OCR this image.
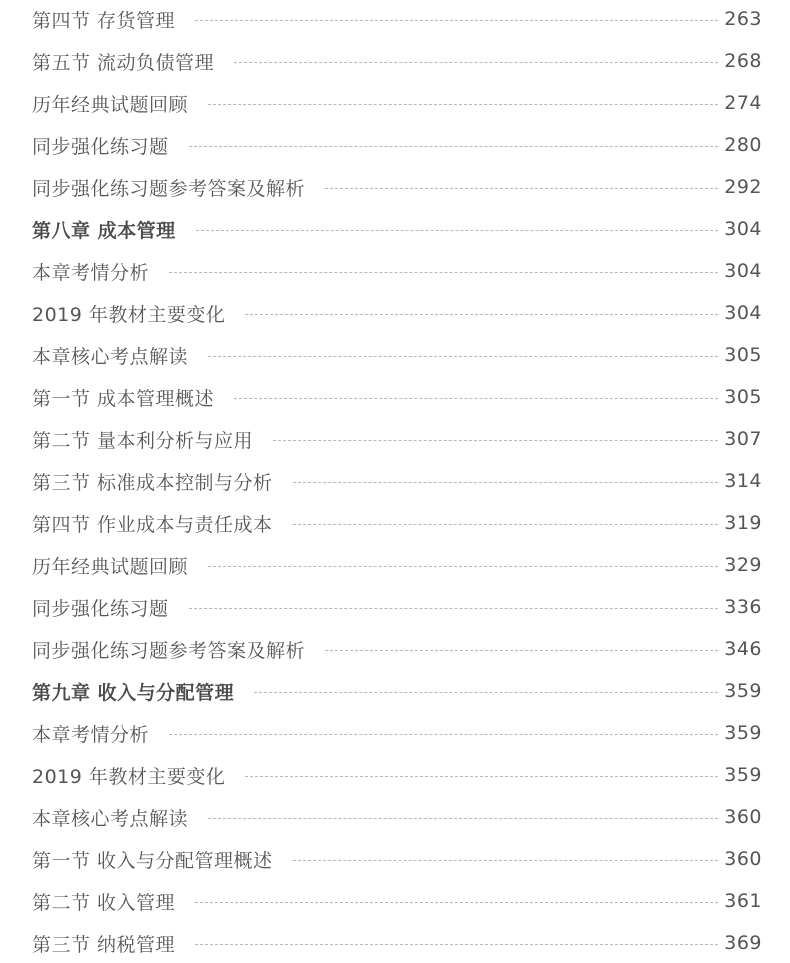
第四节 存货管理	263
第五节 流动负债管理	268
历年经典试题回顾	274
同步强化练习题	280
同步强化练习题参考答案及解析	292
第八章 成本管理	304
本章考情分析	304
2019 年教材主要变化	304
本章核心考点解读	305
第一节 成本管理概述	305
第二节 量本利分析与应用	307
第三节 标准成本控制与分析	314
第四节 作业成本与责任成本	319
历年经典试题回顾	329
同步强化练习题	336
同步强化练习题参考答案及解析	346
第九章 收入与分配管理	359
本章考情分析	359
2019 年教材主要变化	359
本章核心考点解读	360
第一节 收入与分配管理概述	360
第二节 收入管理	361
第三节 纳税管理	369
